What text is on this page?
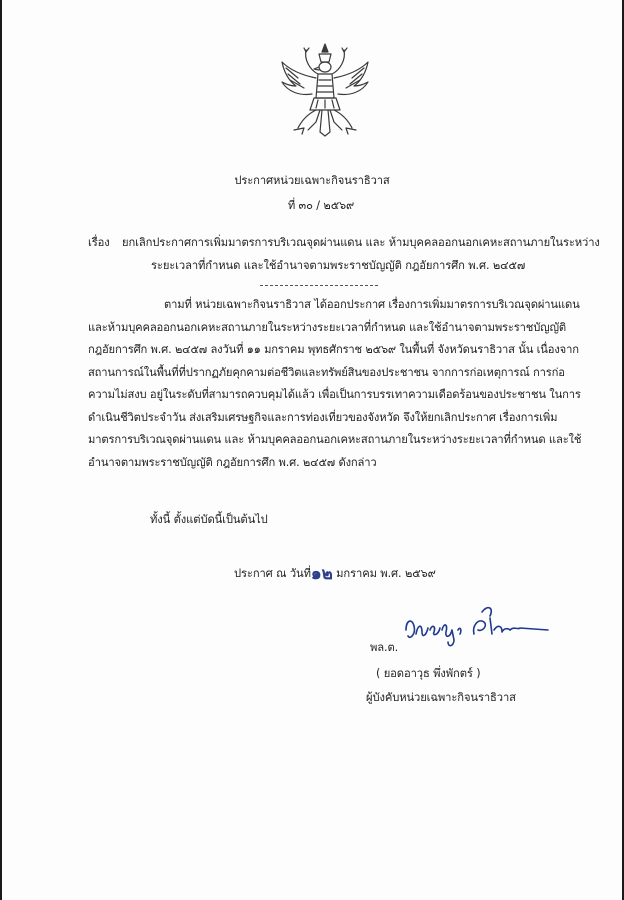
ประกาศหน่วยเฉพาะกิจนราธิวาส
ที่ ๓๐ / ๒๕๖๙
เรื่อง ยกเลิกประกาศการเพิ่มมาตรการบริเวณจุดผ่านแดน และ ห้ามบุคคลออกนอกเคหะสถานภายในระหว่าง
ระยะเวลาที่กำหนด และใช้อำนาจตามพระราชบัญญัติ กฎอัยการศึก พ.ศ. ๒๔๕๗

ตามที่ หน่วยเฉพาะกิจนราธิวาส ได้ออกประกาศ เรื่องการเพิ่มมาตรการบริเวณจุดผ่านแดน

และห้ามบุคคลออกนอกเคหะสถานภายในระหว่างระยะเวลาที่กำหนด และใช้อำนาจตามพระราชบัญญัติ

กฎอัยการศึก พ.ศ. ๒๔๕๗ ลงวันที่ ๑๑ มกราคม พุทธศักราช ๒๕๖๙ ในพื้นที่ จังหวัดนราธิวาส นั้น เนื่องจาก

สถานการณ์ในพื้นที่ที่ปรากฏภัยคุกคามต่อชีวิตและทรัพย์สินของประชาชน จากการก่อเหตุการณ์ การก่อ

ความไม่สงบ อยู่ในระดับที่สามารถควบคุมได้แล้ว เพื่อเป็นการบรรเทาความเดือดร้อนของประชาชน ในการ

ดำเนินชีวิตประจำวัน ส่งเสริมเศรษฐกิจและการท่องเที่ยวของจังหวัด จึงให้ยกเลิกประกาศ เรื่องการเพิ่ม

มาตรการบริเวณจุดผ่านแดน และ ห้ามบุคคลออกนอกเคหะสถานภายในระหว่างระยะเวลาที่กำหนด และใช้

อำนาจตามพระราชบัญญัติ กฎอัยการศึก พ.ศ. ๒๔๕๗ ดังกล่าว

ทั้งนี้ ตั้งแต่บัดนี้เป็นต้นไป
ประกาศ ณ วันที่๑๒ มกราคม พ.ศ. ๒๕๖๙
พล.ต.
( ยอดอาวุธ พึ่งพักตร์ )
ผู้บังคับหน่วยเฉพาะกิจนราธิวาส
